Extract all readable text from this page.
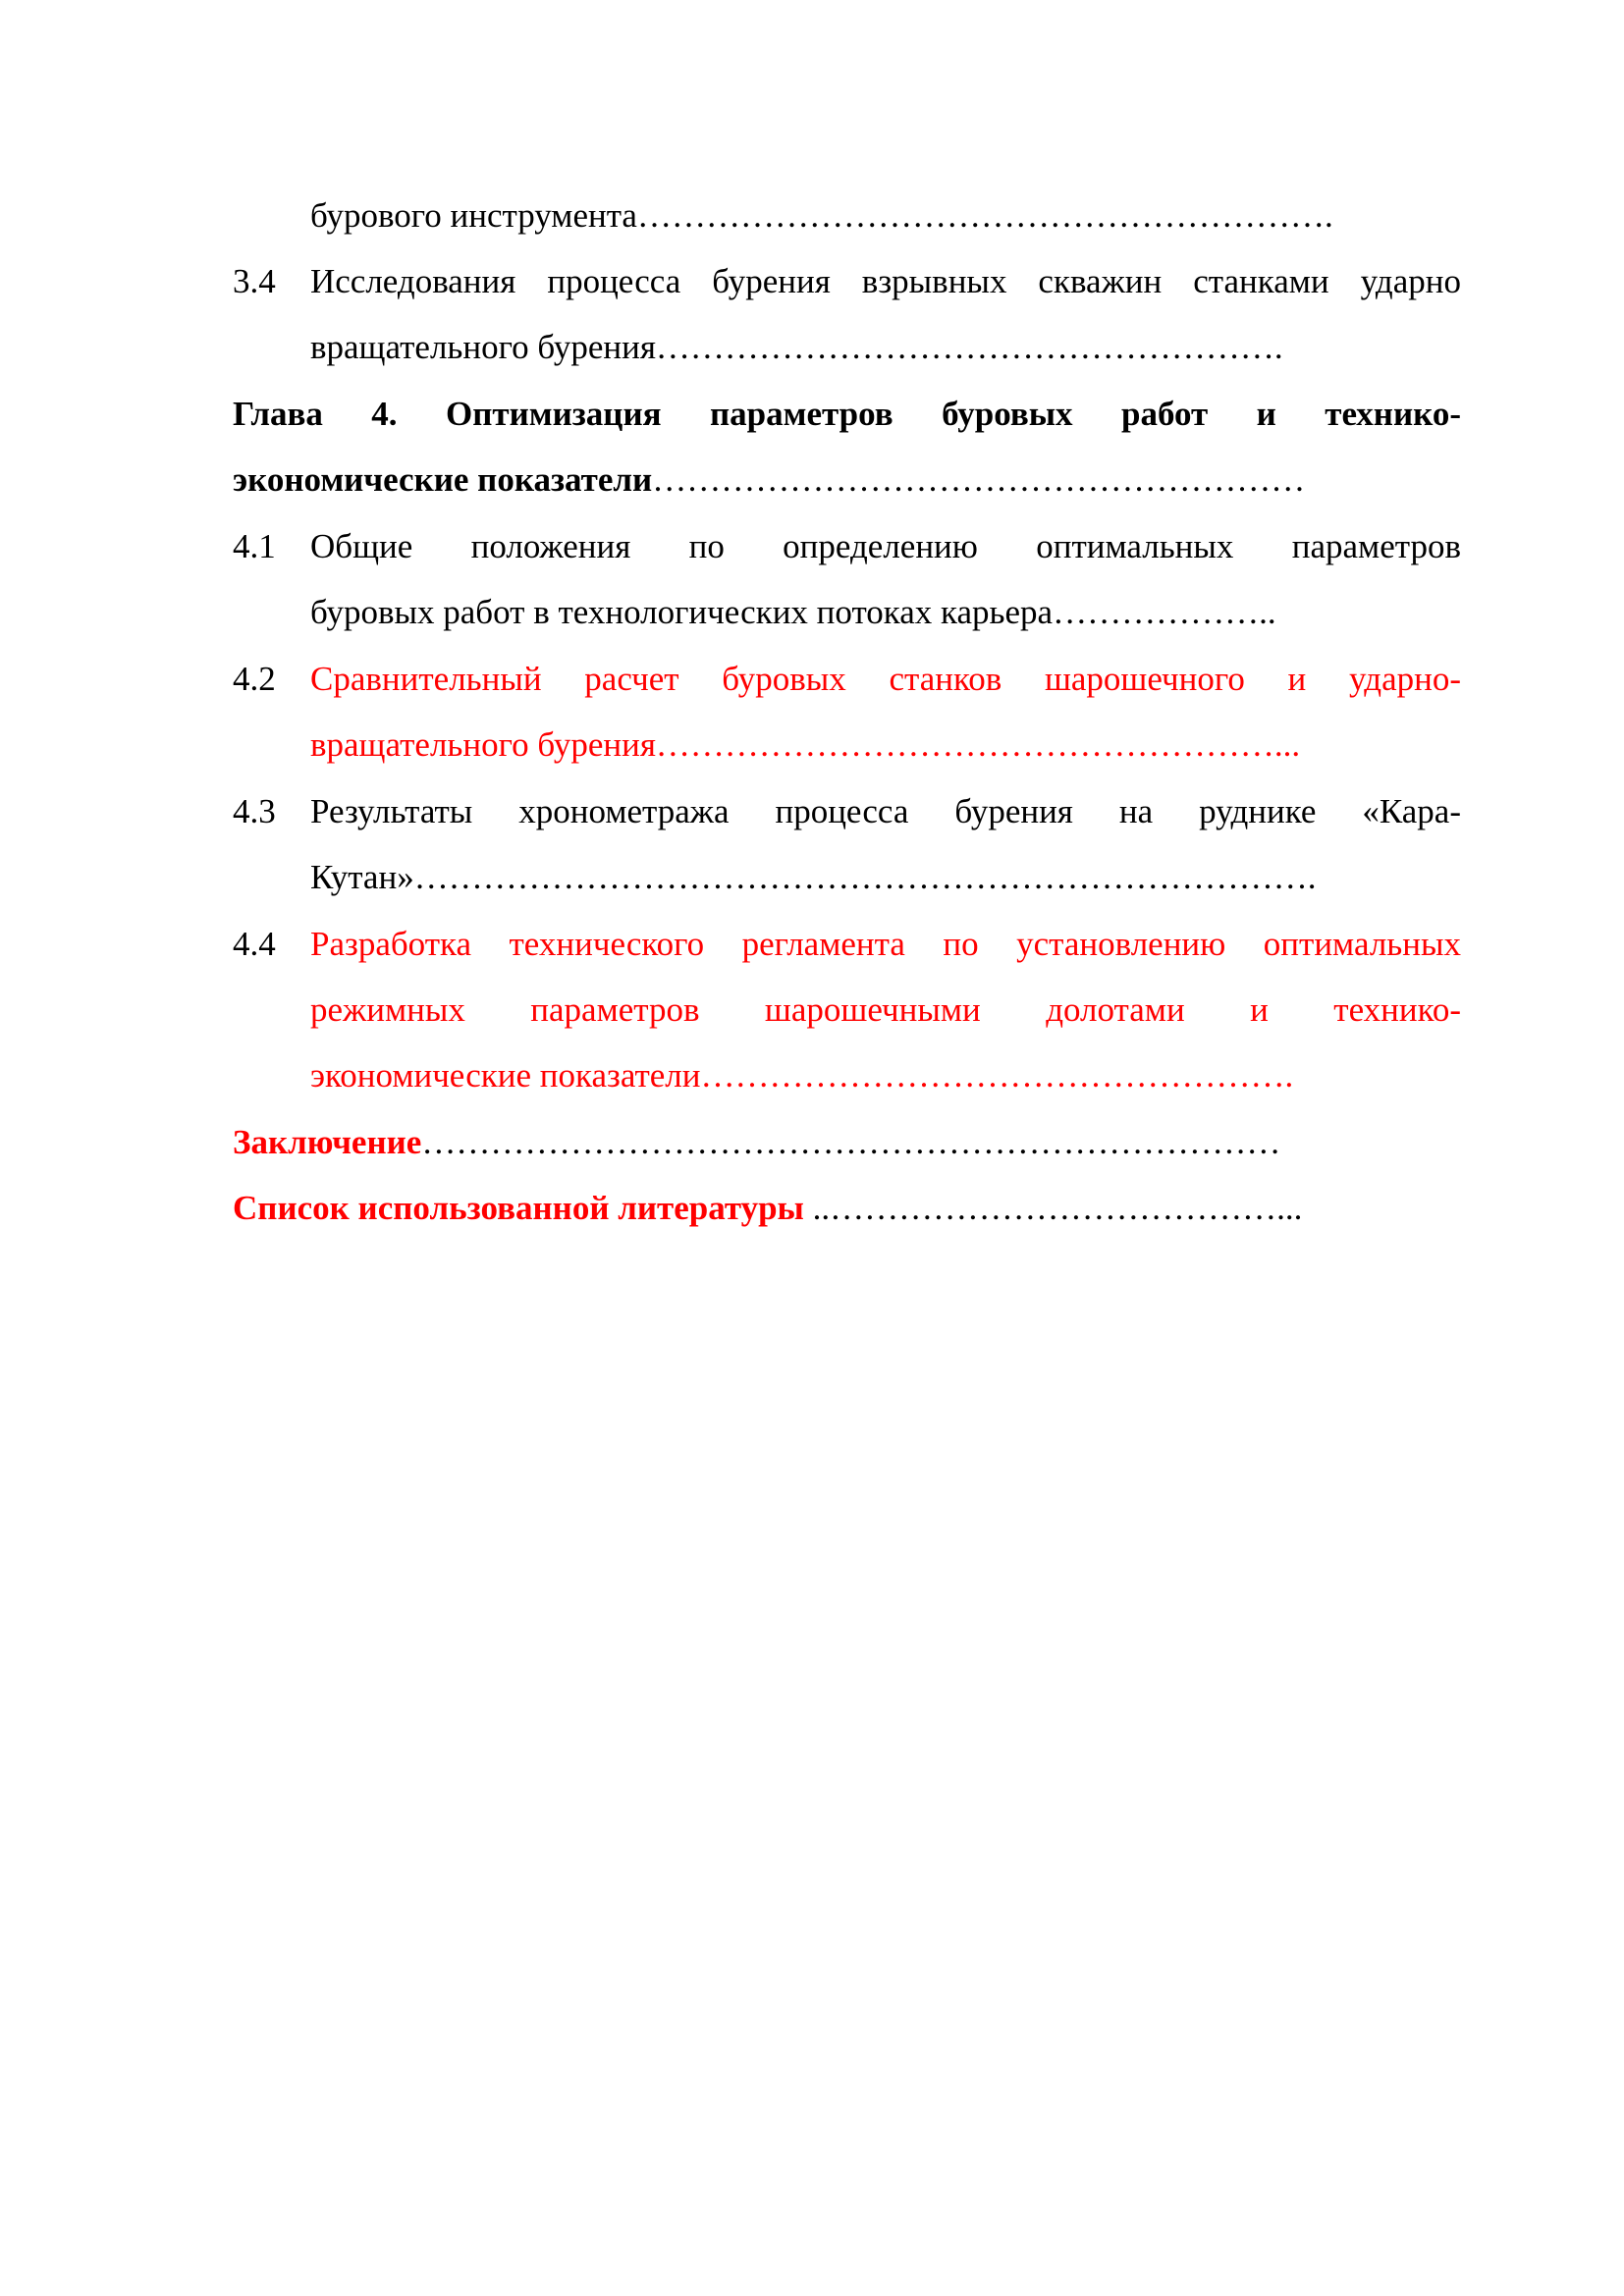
бурового инструмента…………………………………………………….
3.4 Исследования процесса бурения взрывных скважин станками ударно
вращательного бурения……………………………………………….
Глава 4. Оптимизация параметров буровых работ и технико-
экономические показатели…………………………………………………
4.1 Общие положения по определению оптимальных параметров
буровых работ в технологических потоках карьера………………..
4.2 Сравнительный расчет буровых станков шарошечного и ударно-
вращательного бурения………………………………………………...
4.3 Результаты хронометража процесса бурения на руднике «Кара-
Кутан»…………………………………………………………………….
4.4 Разработка технического регламента по установлению оптимальных
режимных параметров шарошечными долотами и технико-
экономические показатели…………………………………………….
Заключение…………………………………………………………………
Список использованной литературы ..…………………………………...
